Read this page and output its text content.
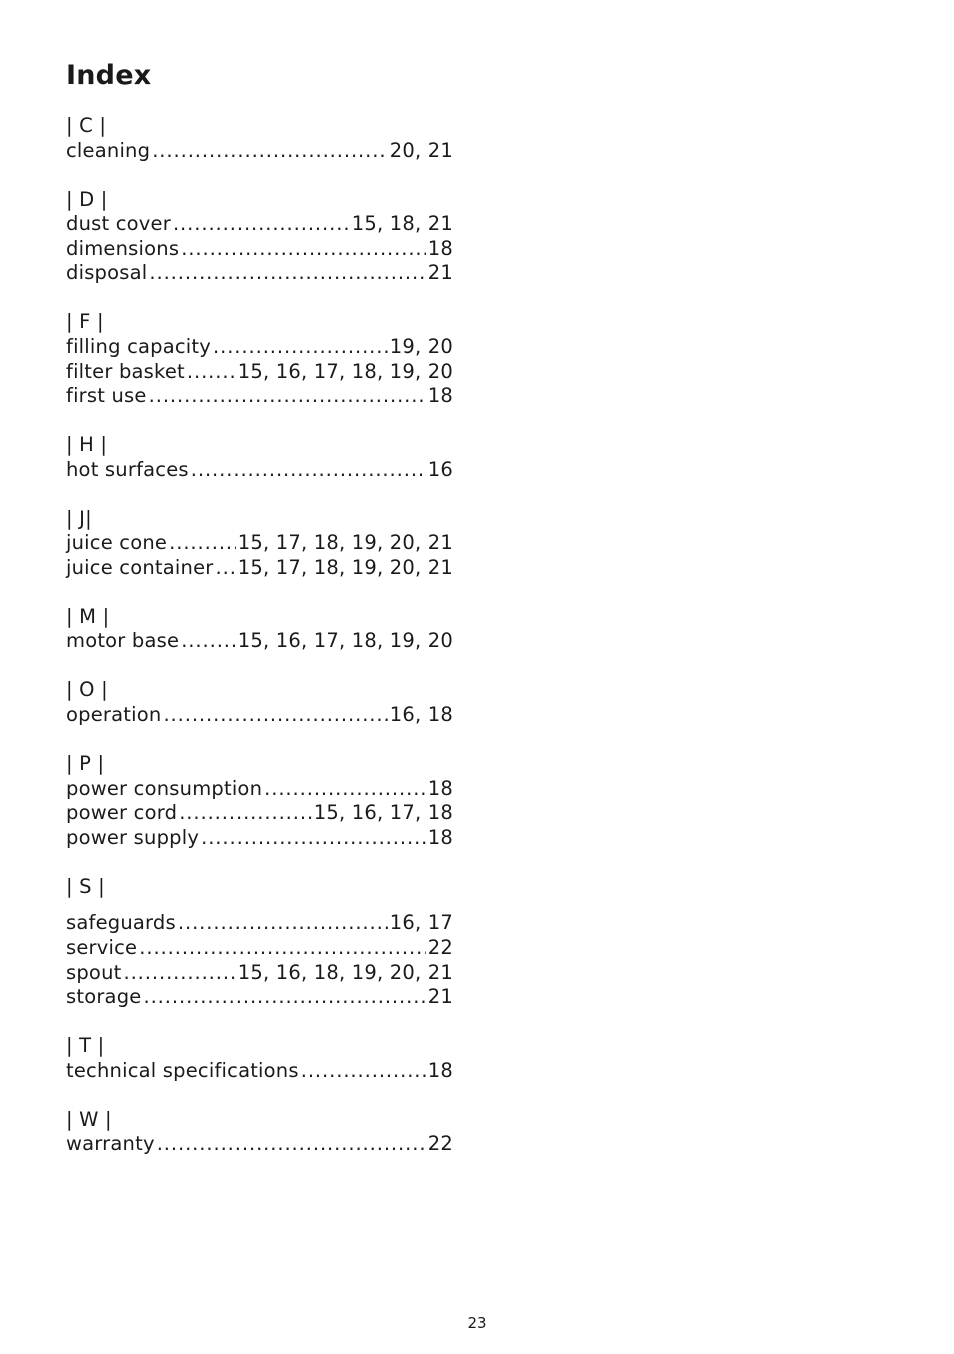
Index
| C |
cleaning .....	20, 21
| D |
dust cover .....	15, 18, 21
dimensions .....	18
disposal .....	21
| F |
filling capacity .....	19, 20
filter basket .....	15, 16, 17, 18, 19, 20
first use .....	18
| H |
hot surfaces .....	16
| J|
juice cone .....	15, 17, 18, 19, 20, 21
juice container ..... 15, 17, 18, 19, 20, 21
| M |
motor base .....	15, 16, 17, 18, 19, 20
| O |
operation .....	16, 18
| P |
power consumption .....	18
power cord .....	15, 16, 17, 18
power supply .....	18
| S |
safeguards .....	16, 17
service .....	22
spout .....	15, 16, 18, 19, 20, 21
storage .....	21
| T |
technical specifications .....	18
| W |
warranty .....	22
23
